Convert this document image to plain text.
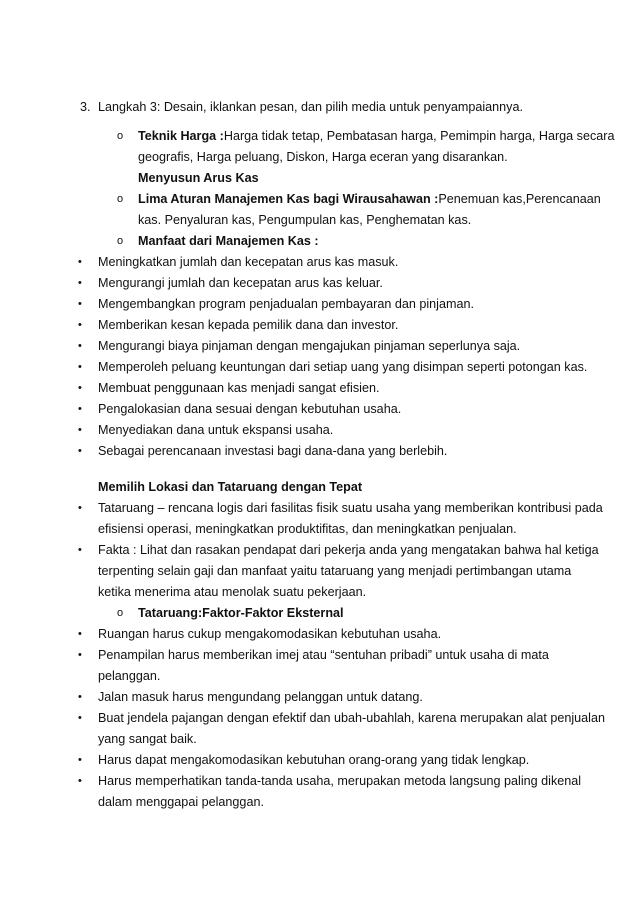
3. Langkah 3: Desain, iklankan pesan, dan pilih media untuk penyampaiannya.
o Teknik Harga :Harga tidak tetap, Pembatasan harga, Pemimpin harga, Harga secara
geografis, Harga peluang, Diskon, Harga eceran yang disarankan.
Menyusun Arus Kas
o Lima Aturan Manajemen Kas bagi Wirausahawan :Penemuan kas,Perencanaan
kas. Penyaluran kas, Pengumpulan kas, Penghematan kas.
o Manfaat dari Manajemen Kas :
• Meningkatkan jumlah dan kecepatan arus kas masuk.
• Mengurangi jumlah dan kecepatan arus kas keluar.
• Mengembangkan program penjadualan pembayaran dan pinjaman.
• Memberikan kesan kepada pemilik dana dan investor.
• Mengurangi biaya pinjaman dengan mengajukan pinjaman seperlunya saja.
• Memperoleh peluang keuntungan dari setiap uang yang disimpan seperti potongan kas.
• Membuat penggunaan kas menjadi sangat efisien.
• Pengalokasian dana sesuai dengan kebutuhan usaha.
• Menyediakan dana untuk ekspansi usaha.
• Sebagai perencanaan investasi bagi dana-dana yang berlebih.
Memilih Lokasi dan Tataruang dengan Tepat
• Tataruang – rencana logis dari fasilitas fisik suatu usaha yang memberikan kontribusi pada
efisiensi operasi, meningkatkan produktifitas, dan meningkatkan penjualan.
• Fakta : Lihat dan rasakan pendapat dari pekerja anda yang mengatakan bahwa hal ketiga
terpenting selain gaji dan manfaat yaitu tataruang yang menjadi pertimbangan utama
ketika menerima atau menolak suatu pekerjaan.
o Tataruang:Faktor-Faktor Eksternal
• Ruangan harus cukup mengakomodasikan kebutuhan usaha.
• Penampilan harus memberikan imej atau “sentuhan pribadi” untuk usaha di mata
pelanggan.
• Jalan masuk harus mengundang pelanggan untuk datang.
• Buat jendela pajangan dengan efektif dan ubah-ubahlah, karena merupakan alat penjualan
yang sangat baik.
• Harus dapat mengakomodasikan kebutuhan orang-orang yang tidak lengkap.
• Harus memperhatikan tanda-tanda usaha, merupakan metoda langsung paling dikenal
dalam menggapai pelanggan.
